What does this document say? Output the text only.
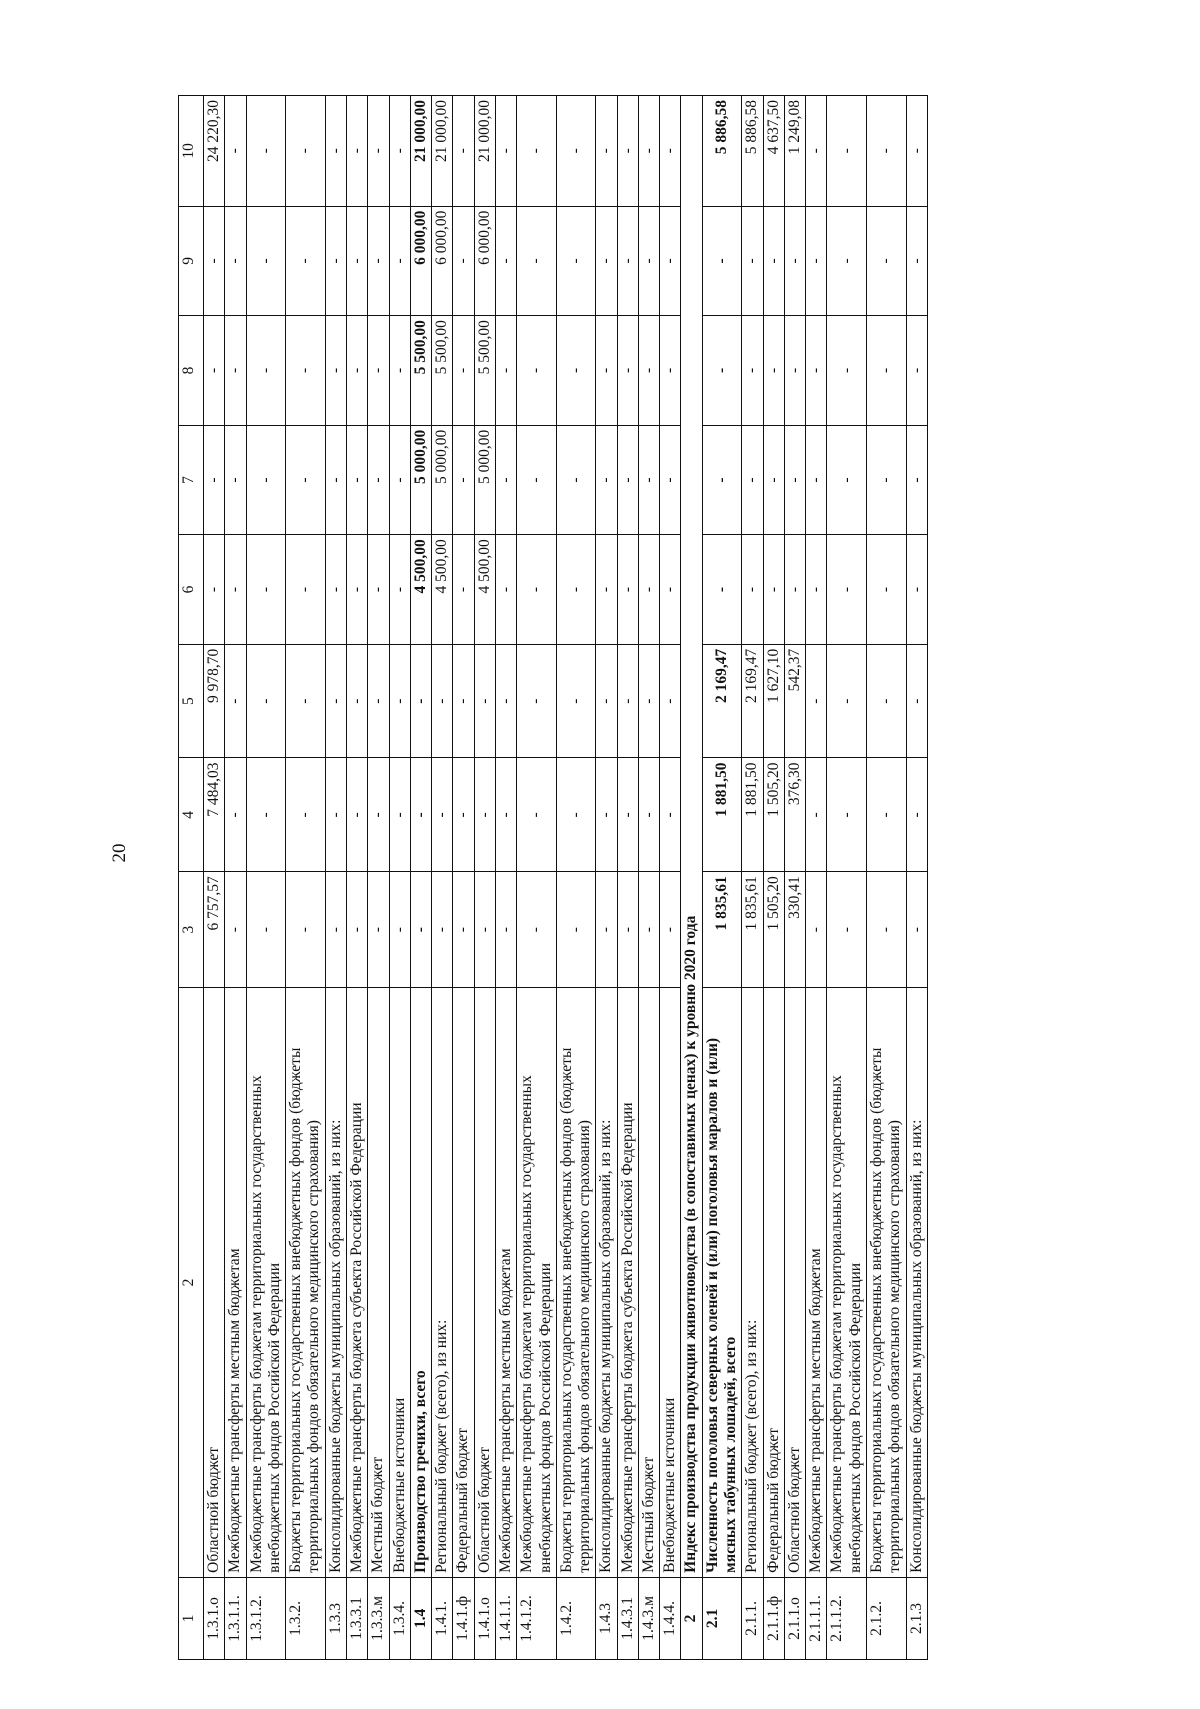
20
1	2	3	4	5	6	7	8	9	10
1.3.1.о	Областной бюджет	6 757,57	7 484,03	9 978,70	-	-	-	-	24 220,30
1.3.1.1.	Межбюджетные трансферты местным бюджетам	-	-	-	-	-	-	-	-
1.3.1.2.	Межбюджетные трансферты бюджетам территориальных государственных внебюджетных фондов Российской Федерации	-	-	-	-	-	-	-	-
1.3.2.	Бюджеты территориальных государственных внебюджетных фондов (бюджеты территориальных фондов обязательного медицинского страхования)	-	-	-	-	-	-	-	-
1.3.3	Консолидированные бюджеты муниципальных образований, из них:	-	-	-	-	-	-	-	-
1.3.3.1	Межбюджетные трансферты бюджета субъекта Российской Федерации	-	-	-	-	-	-	-	-
1.3.3.м	Местный бюджет	-	-	-	-	-	-	-	-
1.3.4.	Внебюджетные источники	-	-	-	-	-	-	-	-
1.4	Производство гречихи, всего	-	-	-	4 500,00	5 000,00	5 500,00	6 000,00	21 000,00
1.4.1.	Региональный бюджет (всего), из них:	-	-	-	4 500,00	5 000,00	5 500,00	6 000,00	21 000,00
1.4.1.ф	Федеральный бюджет	-	-	-	-	-	-	-	-
1.4.1.о	Областной бюджет	-	-	-	4 500,00	5 000,00	5 500,00	6 000,00	21 000,00
1.4.1.1.	Межбюджетные трансферты местным бюджетам	-	-	-	-	-	-	-	-
1.4.1.2.	Межбюджетные трансферты бюджетам территориальных государственных внебюджетных фондов Российской Федерации	-	-	-	-	-	-	-	-
1.4.2.	Бюджеты территориальных государственных внебюджетных фондов (бюджеты территориальных фондов обязательного медицинского страхования)	-	-	-	-	-	-	-	-
1.4.3	Консолидированные бюджеты муниципальных образований, из них:	-	-	-	-	-	-	-	-
1.4.3.1	Межбюджетные трансферты бюджета субъекта Российской Федерации	-	-	-	-	-	-	-	-
1.4.3.м	Местный бюджет	-	-	-	-	-	-	-	-
1.4.4.	Внебюджетные источники	-	-	-	-	-	-	-	-
2	Индекс производства продукции животноводства (в сопоставимых ценах) к уровню 2020 года								
2.1	Численность поголовья северных оленей и (или) поголовья маралов и (или) мясных табунных лошадей, всего	1 835,61	1 881,50	2 169,47	-	-	-	-	5 886,58
2.1.1.	Региональный бюджет (всего), из них:	1 835,61	1 881,50	2 169,47	-	-	-	-	5 886,58
2.1.1.ф	Федеральный бюджет	1 505,20	1 505,20	1 627,10	-	-	-	-	4 637,50
2.1.1.о	Областной бюджет	330,41	376,30	542,37	-	-	-	-	1 249,08
2.1.1.1.	Межбюджетные трансферты местным бюджетам	-	-	-	-	-	-	-	-
2.1.1.2.	Межбюджетные трансферты бюджетам территориальных государственных внебюджетных фондов Российской Федерации	-	-	-	-	-	-	-	-
2.1.2.	Бюджеты территориальных государственных внебюджетных фондов (бюджеты территориальных фондов обязательного медицинского страхования)	-	-	-	-	-	-	-	-
2.1.3	Консолидированные бюджеты муниципальных образований, из них:	-	-	-	-	-	-	-	-
